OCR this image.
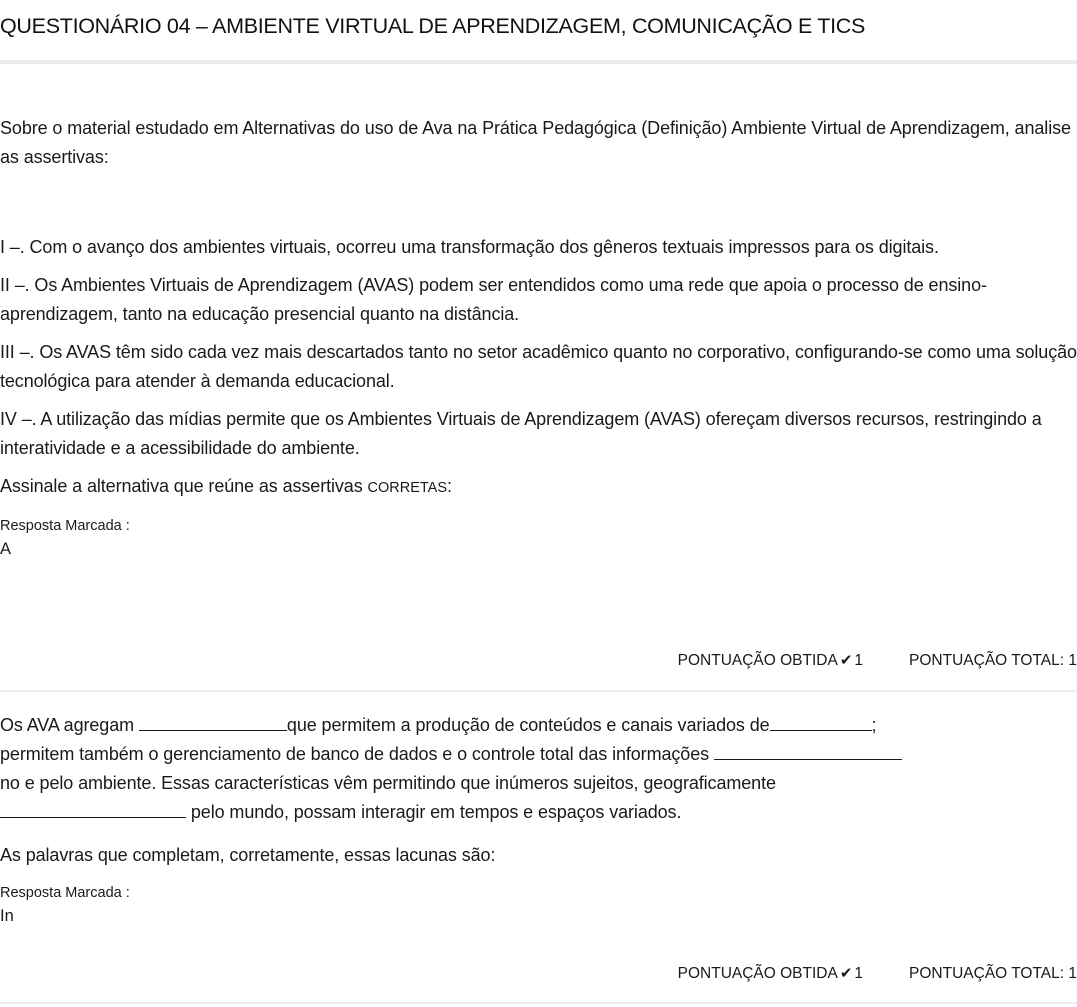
QUESTIONÁRIO 04 – AMBIENTE VIRTUAL DE APRENDIZAGEM, COMUNICAÇÃO E TICS

Sobre o material estudado em Alternativas do uso de Ava na Prática Pedagógica (Definição) Ambiente Virtual de Aprendizagem, analise as assertivas:

I –. Com o avanço dos ambientes virtuais, ocorreu uma transformação dos gêneros textuais impressos para os digitais.

II –. Os Ambientes Virtuais de Aprendizagem (AVAS) podem ser entendidos como uma rede que apoia o processo de ensino-aprendizagem, tanto na educação presencial quanto na distância.

III –. Os AVAS têm sido cada vez mais descartados tanto no setor acadêmico quanto no corporativo, configurando-se como uma solução tecnológica para atender à demanda educacional.

IV –. A utilização das mídias permite que os Ambientes Virtuais de Aprendizagem (AVAS) ofereçam diversos recursos, restringindo a interatividade e a acessibilidade do ambiente.

Assinale a alternativa que reúne as assertivas CORRETAS:

Resposta Marcada :
A
PONTUAÇÃO OBTIDA ✔ 1	PONTUAÇÃO TOTAL: 1

Os AVA agregam	que permitem a produção de conteúdos e canais variados de	;
permitem também o gerenciamento de banco de dados e o controle total das informações
no e pelo ambiente. Essas características vêm permitindo que inúmeros sujeitos, geograficamente
pelo mundo, possam interagir em tempos e espaços variados.

As palavras que completam, corretamente, essas lacunas são:

Resposta Marcada :
In
PONTUAÇÃO OBTIDA ✔ 1	PONTUAÇÃO TOTAL: 1
